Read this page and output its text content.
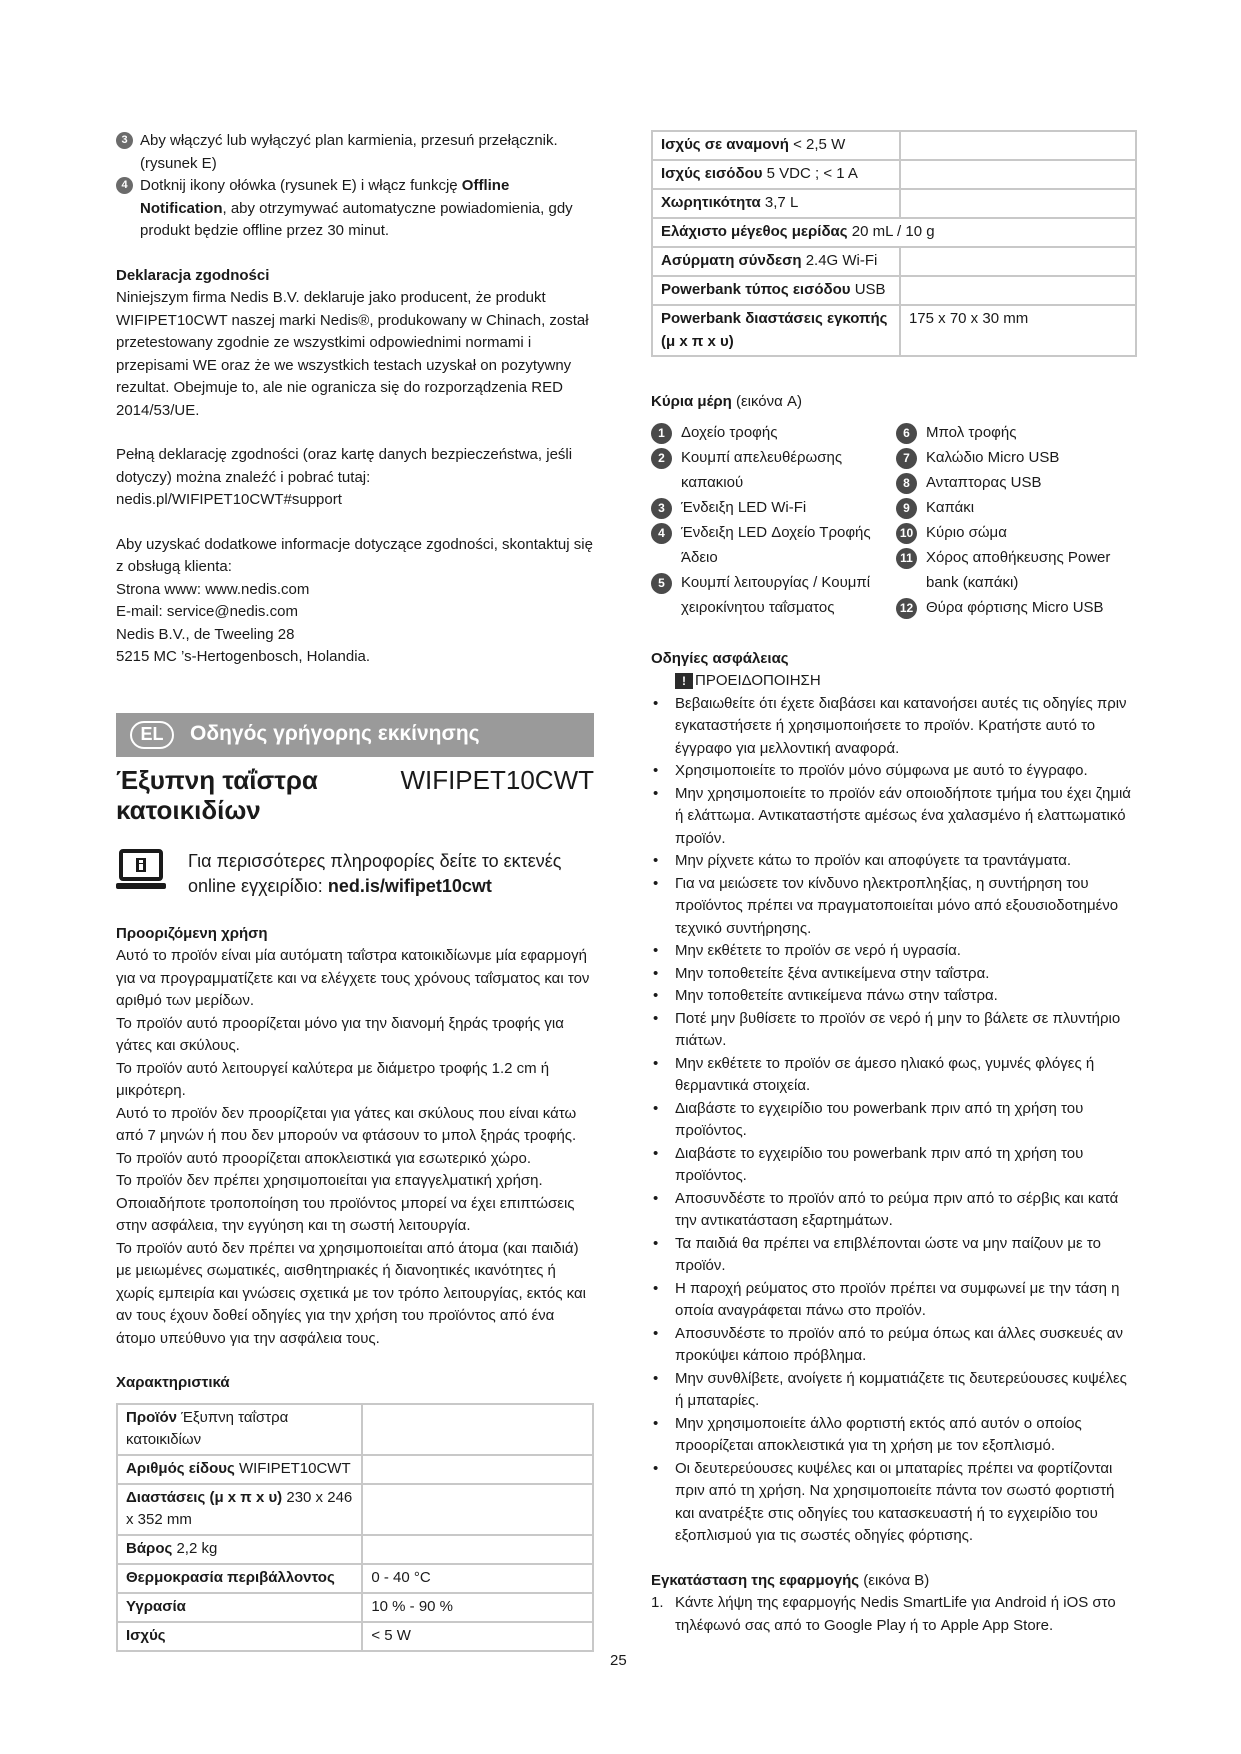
3 Aby włączyć lub wyłączyć plan karmienia, przesuń przełącznik. (rysunek E)
4 Dotknij ikony ołówka (rysunek E) i włącz funkcję Offline Notification, aby otrzymywać automatyczne powiadomienia, gdy produkt będzie offline przez 30 minut.

Deklaracja zgodności

Niniejszym firma Nedis B.V. deklaruje jako producent, że produkt WIFIPET10CWT naszej marki Nedis®, produkowany w Chinach, został przetestowany zgodnie ze wszystkimi odpowiednimi normami i przepisami WE oraz że we wszystkich testach uzyskał on pozytywny rezultat. Obejmuje to, ale nie ogranicza się do rozporządzenia RED 2014/53/UE.

Pełną deklarację zgodności (oraz kartę danych bezpieczeństwa, jeśli dotyczy) można znaleźć i pobrać tutaj:

nedis.pl/WIFIPET10CWT#support

Aby uzyskać dodatkowe informacje dotyczące zgodności, skontaktuj się z obsługą klienta:

Strona www: www.nedis.com

E-mail: service@nedis.com

Nedis B.V., de Tweeling 28

5215 MC ’s-Hertogenbosch, Holandia.

EL	Οδηγός γρήγορης εκκίνησης
Έξυπνη ταΐστρα κατοικιδίων
WIFIPET10CWT
Για περισσότερες πληροφορίες δείτε το εκτενές online εγχειρίδιο: ned.is/wifipet10cwt

Προοριζόμενη χρήση

Αυτό το προϊόν είναι μία αυτόματη ταΐστρα κατοικιδίωνμε μία εφαρμογή για να προγραμματίζετε και να ελέγχετε τους χρόνους ταΐσματος και τον αριθμό των μερίδων.

Το προϊόν αυτό προορίζεται μόνο για την διανομή ξηράς τροφής για γάτες και σκύλους.

Το προϊόν αυτό λειτουργεί καλύτερα με διάμετρο τροφής 1.2 cm ή μικρότερη.

Αυτό το προϊόν δεν προορίζεται για γάτες και σκύλους που είναι κάτω από 7 μηνών ή που δεν μπορούν να φτάσουν το μπολ ξηράς τροφής.

Το προϊόν αυτό προορίζεται αποκλειστικά για εσωτερικό χώρο.

Το προϊόν δεν πρέπει χρησιμοποιείται για επαγγελματική χρήση.

Οποιαδήποτε τροποποίηση του προϊόντος μπορεί να έχει επιπτώσεις στην ασφάλεια, την εγγύηση και τη σωστή λειτουργία.

Το προϊόν αυτό δεν πρέπει να χρησιμοποιείται από άτομα (και παιδιά) με μειωμένες σωματικές, αισθητηριακές ή διανοητικές ικανότητες ή χωρίς εμπειρία και γνώσεις σχετικά με τον τρόπο λειτουργίας, εκτός και αν τους έχουν δοθεί οδηγίες για την χρήση του προϊόντος από ένα άτομο υπεύθυνο για την ασφάλεια τους.

Χαρακτηριστικά

Προϊόν Έξυπνη ταΐστρα κατοικιδίων	
Αριθμός είδους WIFIPET10CWT	
Διαστάσεις (μ x π x υ) 230 x 246 x 352 mm	
Βάρος 2,2 kg	
Θερμοκρασία περιβάλλοντος	0 - 40 °C
Υγρασία	10 % - 90 %
Ισχύς	< 5 W
Ισχύς σε αναμονή < 2,5 W	
Ισχύς εισόδου 5 VDC ; < 1 A	
Χωρητικότητα 3,7 L	
Ελάχιστο μέγεθος μερίδας 20 mL / 10 g	
Ασύρματη σύνδεση 2.4G Wi-Fi	
Powerbank τύπος εισόδου USB	
Powerbank διαστάσεις εγκοπής (μ x π x υ)	175 x 70 x 30 mm

Κύρια μέρη (εικόνα A)

1	Δοχείο τροφής	6	Μπολ τροφής
2	Κουμπί απελευθέρωσης καπακιού
7	Καλώδιο Micro USB
8	Ανταπτορας USB
3	Ένδειξη LED Wi-Fi	9	Καπάκι
4	Ένδειξη LED Δοχείο Τροφής Άδειο
10 Κύριο σώμα
11 Χόρος αποθήκευσης Power bank (καπάκι)
5	Κουμπί λειτουργίας / Κουμπί χειροκίνητου ταΐσματος	12 Θύρα φόρτισης Micro USB

Οδηγίες ασφάλειας

! ΠΡΟΕΙΔΟΠΟΙΗΣΗ
• Βεβαιωθείτε ότι έχετε διαβάσει και κατανοήσει αυτές τις οδηγίες πριν εγκαταστήσετε ή χρησιμοποιήσετε το προϊόν. Κρατήστε αυτό το έγγραφο για μελλοντική αναφορά.
• Χρησιμοποιείτε το προϊόν μόνο σύμφωνα με αυτό το έγγραφο.
• Μην χρησιμοποιείτε το προϊόν εάν οποιοδήποτε τμήμα του έχει ζημιά ή ελάττωμα. Αντικαταστήστε αμέσως ένα χαλασμένο ή ελαττωματικό προϊόν.
• Μην ρίχνετε κάτω το προϊόν και αποφύγετε τα τραντάγματα.
• Για να μειώσετε τον κίνδυνο ηλεκτροπληξίας, η συντήρηση του προϊόντος πρέπει να πραγματοποιείται μόνο από εξουσιοδοτημένο τεχνικό συντήρησης.
• Μην εκθέτετε το προϊόν σε νερό ή υγρασία.
• Μην τοποθετείτε ξένα αντικείμενα στην ταΐστρα.
• Μην τοποθετείτε αντικείμενα πάνω στην ταΐστρα.
• Ποτέ μην βυθίσετε το προϊόν σε νερό ή μην το βάλετε σε πλυντήριο πιάτων.
• Μην εκθέτετε το προϊόν σε άμεσο ηλιακό φως, γυμνές φλόγες ή θερμαντικά στοιχεία.
• Διαβάστε το εγχειρίδιο του powerbank πριν από τη χρήση του προϊόντος.
• Διαβάστε το εγχειρίδιο του powerbank πριν από τη χρήση του προϊόντος.
• Αποσυνδέστε το προϊόν από το ρεύμα πριν από το σέρβις και κατά την αντικατάσταση εξαρτημάτων.
• Τα παιδιά θα πρέπει να επιβλέπονται ώστε να μην παίζουν με το προϊόν.
• Η παροχή ρεύματος στο προϊόν πρέπει να συμφωνεί με την τάση η οποία αναγράφεται πάνω στο προϊόν.
• Αποσυνδέστε το προϊόν από το ρεύμα όπως και άλλες συσκευές αν προκύψει κάποιο πρόβλημα.
• Μην συνθλίβετε, ανοίγετε ή κομματιάζετε τις δευτερεύουσες κυψέλες ή μπαταρίες.
• Μην χρησιμοποιείτε άλλο φορτιστή εκτός από αυτόν ο οποίος προορίζεται αποκλειστικά για τη χρήση με τον εξοπλισμό.
• Οι δευτερεύουσες κυψέλες και οι μπαταρίες πρέπει να φορτίζονται πριν από τη χρήση. Να χρησιμοποιείτε πάντα τον σωστό φορτιστή και ανατρέξτε στις οδηγίες του κατασκευαστή ή το εγχειρίδιο του εξοπλισμού για τις σωστές οδηγίες φόρτισης.

Εγκατάσταση της εφαρμογής (εικόνα B)

1. Κάντε λήψη της εφαρμογής Nedis SmartLife για Android ή iOS στο τηλέφωνό σας από το Google Play ή το Apple App Store.
25
